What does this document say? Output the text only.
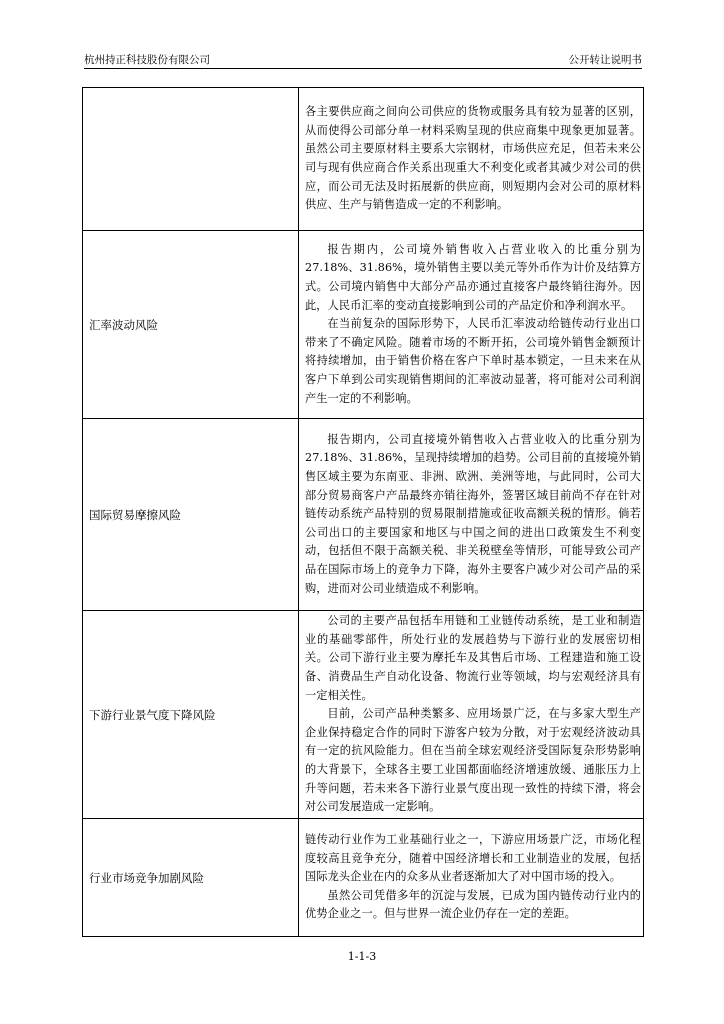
杭州持正科技股份有限公司	公开转让说明书

	各主要供应商之间向公司供应的货物或服务具有较为显著的区别，从而使得公司部分单一材料采购呈现的供应商集中现象更加显著。虽然公司主要原材料主要系大宗钢材，市场供应充足，但若未来公司与现有供应商合作关系出现重大不利变化或者其减少对公司的供应，而公司无法及时拓展新的供应商，则短期内会对公司的原材料供应、生产与销售造成一定的不利影响。

汇率波动风险	报告期内，公司境外销售收入占营业收入的比重分别为27.18%、31.86%，境外销售主要以美元等外币作为计价及结算方式。公司境内销售中大部分产品亦通过直接客户最终销往海外。因此，人民币汇率的变动直接影响到公司的产品定价和净利润水平。

在当前复杂的国际形势下，人民币汇率波动给链传动行业出口带来了不确定风险。随着市场的不断开拓，公司境外销售金额预计将持续增加，由于销售价格在客户下单时基本锁定，一旦未来在从客户下单到公司实现销售期间的汇率波动显著，将可能对公司利润产生一定的不利影响。

国际贸易摩擦风险	报告期内，公司直接境外销售收入占营业收入的比重分别为27.18%、31.86%，呈现持续增加的趋势。公司目前的直接境外销售区域主要为东南亚、非洲、欧洲、美洲等地，与此同时，公司大部分贸易商客户产品最终亦销往海外，签署区域目前尚不存在针对链传动系统产品特别的贸易限制措施或征收高额关税的情形。倘若公司出口的主要国家和地区与中国之间的进出口政策发生不利变动，包括但不限于高额关税、非关税壁垒等情形，可能导致公司产品在国际市场上的竞争力下降，海外主要客户减少对公司产品的采购，进而对公司业绩造成不利影响。

下游行业景气度下降风险	公司的主要产品包括车用链和工业链传动系统，是工业和制造业的基础零部件，所处行业的发展趋势与下游行业的发展密切相关。公司下游行业主要为摩托车及其售后市场、工程建造和施工设备、消费品生产自动化设备、物流行业等领域，均与宏观经济具有一定相关性。

目前，公司产品种类繁多、应用场景广泛，在与多家大型生产企业保持稳定合作的同时下游客户较为分散，对于宏观经济波动具有一定的抗风险能力。但在当前全球宏观经济受国际复杂形势影响的大背景下，全球各主要工业国都面临经济增速放缓、通胀压力上升等问题，若未来各下游行业景气度出现一致性的持续下滑，将会对公司发展造成一定影响。

行业市场竞争加剧风险	链传动行业作为工业基础行业之一，下游应用场景广泛，市场化程度较高且竞争充分，随着中国经济增长和工业制造业的发展，包括国际龙头企业在内的众多从业者逐渐加大了对中国市场的投入。

虽然公司凭借多年的沉淀与发展，已成为国内链传动行业内的优势企业之一。但与世界一流企业仍存在一定的差距。

1-1-3
